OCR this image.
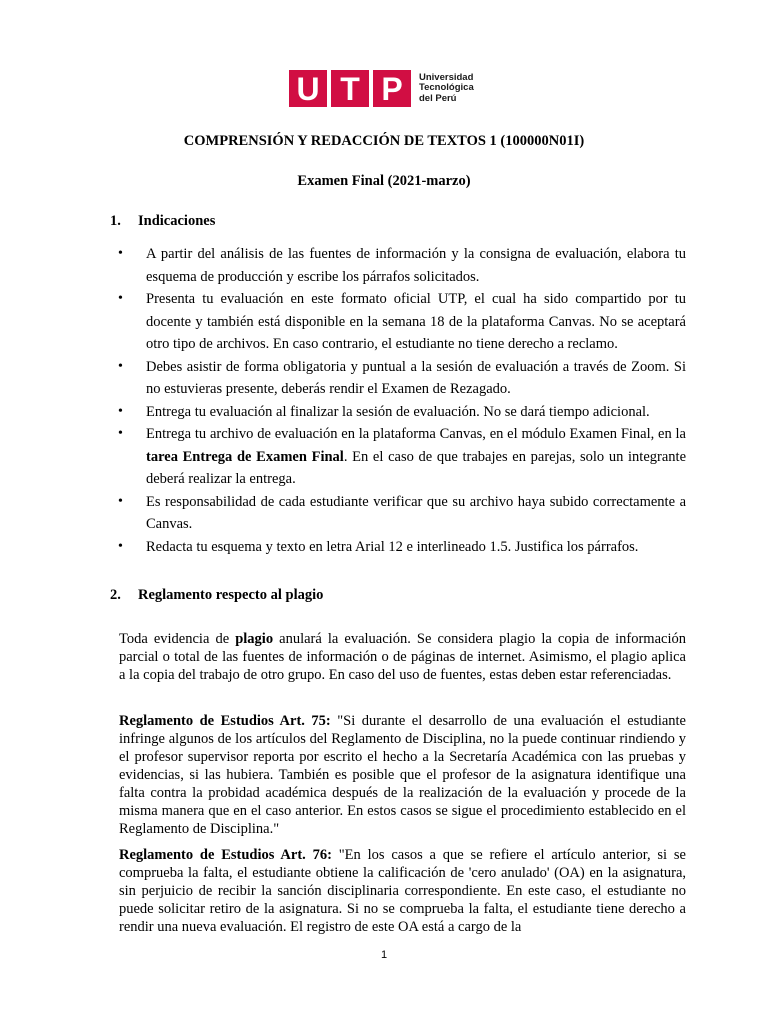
U T P	Universidad
Tecnológica
del Perú
COMPRENSIÓN Y REDACCIÓN DE TEXTOS 1 (100000N01I)
Examen Final (2021-marzo)
1.	Indicaciones
• A partir del análisis de las fuentes de información y la consigna de evaluación, elabora tu esquema de producción y escribe los párrafos solicitados.
• Presenta tu evaluación en este formato oficial UTP, el cual ha sido compartido por tu docente y también está disponible en la semana 18 de la plataforma Canvas. No se aceptará otro tipo de archivos. En caso contrario, el estudiante no tiene derecho a reclamo.
• Debes asistir de forma obligatoria y puntual a la sesión de evaluación a través de Zoom. Si no estuvieras presente, deberás rendir el Examen de Rezagado.
• Entrega tu evaluación al finalizar la sesión de evaluación. No se dará tiempo adicional.
• Entrega tu archivo de evaluación en la plataforma Canvas, en el módulo Examen Final, en la tarea Entrega de Examen Final. En el caso de que trabajes en parejas, solo un integrante deberá realizar la entrega.
• Es responsabilidad de cada estudiante verificar que su archivo haya subido correctamente a Canvas.
• Redacta tu esquema y texto en letra Arial 12 e interlineado 1.5. Justifica los párrafos.
2.	Reglamento respecto al plagio

Toda evidencia de plagio anulará la evaluación. Se considera plagio la copia de información parcial o total de las fuentes de información o de páginas de internet. Asimismo, el plagio aplica a la copia del trabajo de otro grupo. En caso del uso de fuentes, estas deben estar referenciadas.

Reglamento de Estudios Art. 75: "Si durante el desarrollo de una evaluación el estudiante infringe algunos de los artículos del Reglamento de Disciplina, no la puede continuar rindiendo y el profesor supervisor reporta por escrito el hecho a la Secretaría Académica con las pruebas y evidencias, si las hubiera. También es posible que el profesor de la asignatura identifique una falta contra la probidad académica después de la realización de la evaluación y procede de la misma manera que en el caso anterior. En estos casos se sigue el procedimiento establecido en el Reglamento de Disciplina."

Reglamento de Estudios Art. 76: "En los casos a que se refiere el artículo anterior, si se comprueba la falta, el estudiante obtiene la calificación de 'cero anulado' (OA) en la asignatura, sin perjuicio de recibir la sanción disciplinaria correspondiente. En este caso, el estudiante no puede solicitar retiro de la asignatura. Si no se comprueba la falta, el estudiante tiene derecho a rendir una nueva evaluación. El registro de este OA está a cargo de la

1
